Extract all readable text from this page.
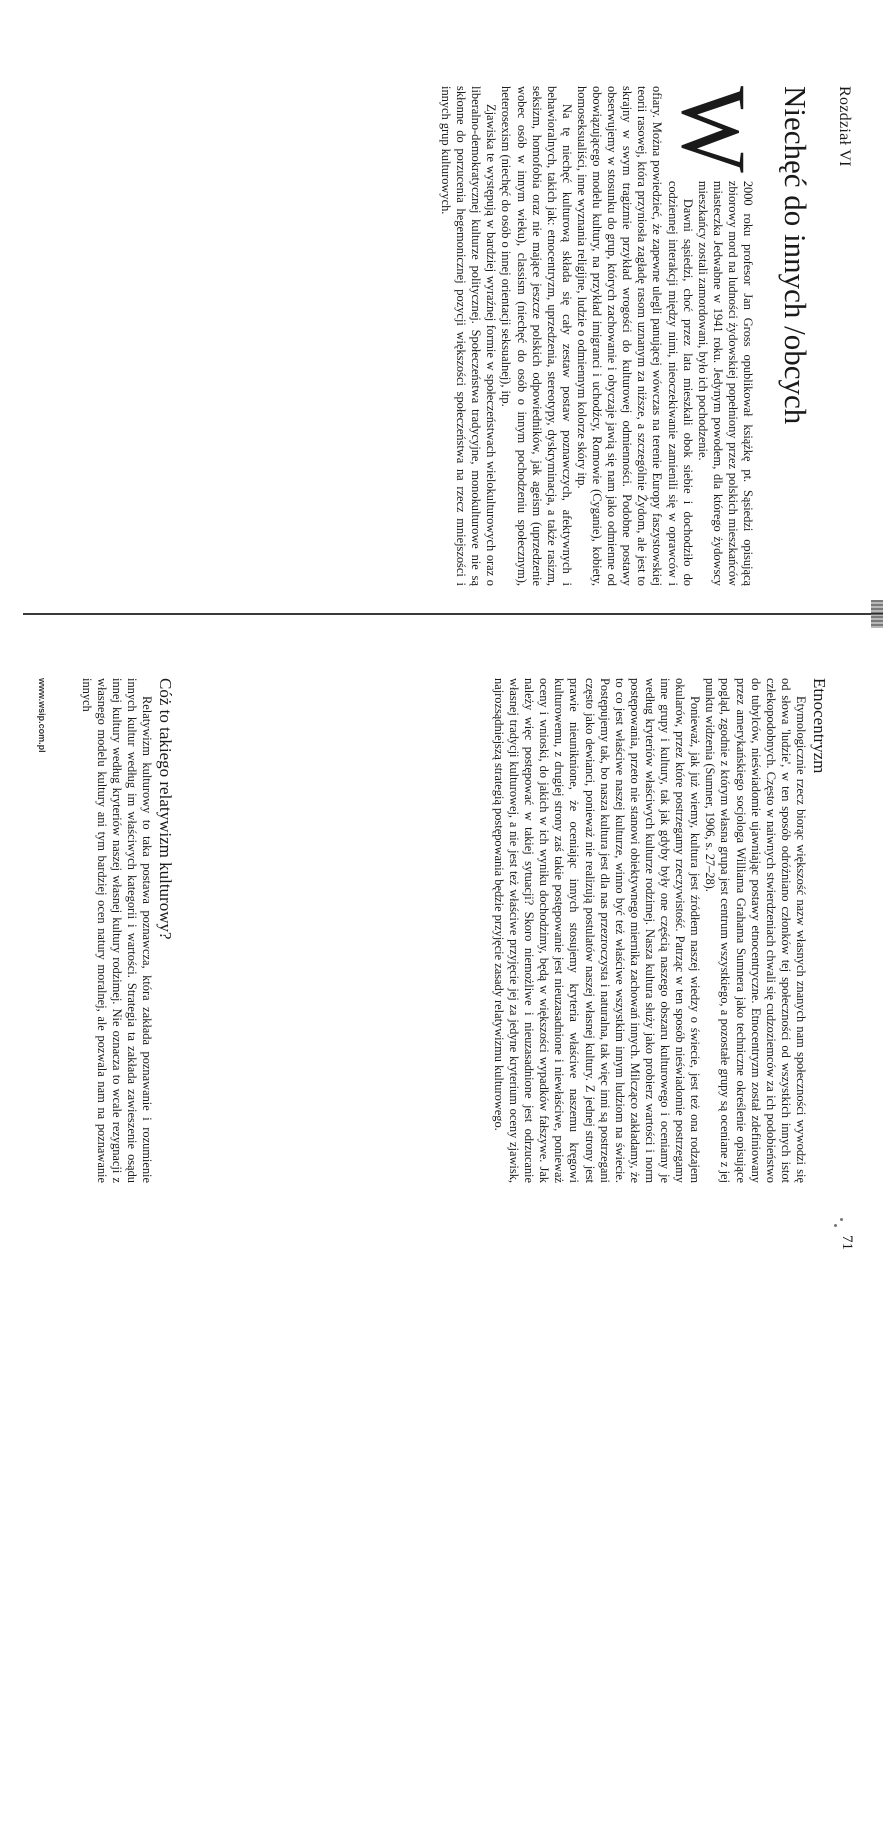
Rozdział VI
Niechęć do innych /obcych
W

2000 roku profesor Jan Gross opublikował książkę pt. Sąsiedzi opisującą zbiorowy mord na ludności żydowskiej popełniony przez polskich mieszkańców miasteczka Jedwabne w 1941 roku. Jedynym powodem, dla którego żydowscy mieszkańcy zostali zamordowani, było ich pochodzenie.

Dawni sąsiedzi, choć przez lata mieszkali obok siebie i dochodziło do codziennej interakcji między nimi, nieoczekiwanie zamienili się w oprawców i ofiary. Można powiedzieć, że zapewne ulegli panującej wówczas na terenie Europy faszystowskiej teorii rasowej, która przyniosła zagładę rasom uznanym za niższe, a szczególnie Żydom, ale jest to skrajny w swym tragizmie przykład wrogości do kulturowej odmienności. Podobne postawy obserwujemy w stosunku do grup, których zachowanie i obyczaje jawią się nam jako odmienne od obowiązującego modelu kultury, na przykład imigranci i uchodźcy, Romowie (Cyganie), kobiety, homoseksualiści, inne wyznania religijne, ludzie o odmiennym kolorze skóry itp.

Na tę niechęć kulturową składa się cały zestaw postaw poznawczych, afektywnych i behawioralnych, takich jak: etnocentryzm, uprzedzenia, stereotypy, dyskryminacja, a także rasizm, seksizm, homofobia oraz nie mające jeszcze polskich odpowiedników, jak ageism (uprzedzenie wobec osób w innym wieku), classism (niechęć do osób o innym pochodzeniu społecznym), heterosexism (niechęć do osób o innej orientacji seksualnej), itp.

Zjawiska te występują w bardziej wyraźnej formie w społeczeństwach wielokulturowych oraz o liberalno-demokratycznej kulturze politycznej. Społeczeństwa tradycyjne, monokulturowe nie są skłonne do porzucenia hegemonicznej pozycji większości społeczeństwa na rzecz mniejszości i innych grup kulturowych.

71
Etnocentryzm

Etymologicznie rzecz biorąc większość nazw własnych znanych nam społeczności wywodzi się od słowa 'ludzie', w ten sposób odróżniano członków tej społeczności od wszystkich innych istot człekopodobnych. Często w naiwnych stwierdzeniach chwali się cudzoziemców za ich podobieństwo do tubylców, nieświadomie ujawniając postawy etnocentryczne. Etnocentryzm został zdefiniowany przez amerykańskiego socjologa Williama Grahama Sumnera jako techniczne określenie opisujące pogląd, zgodnie z którym własna grupa jest centrum wszystkiego, a pozostałe grupy są oceniane z jej punktu widzenia (Sumner, 1906, s. 27–28).

Ponieważ, jak już wiemy, kultura jest źródłem naszej wiedzy o świecie, jest też ona rodzajem okularów, przez które postrzegamy rzeczywistość. Patrząc w ten sposób nieświadomie postrzegamy inne grupy i kultury, tak jak gdyby były one częścią naszego obszaru kulturowego i oceniamy je według kryteriów właściwych kulturze rodzimej. Nasza kultura służy jako probierz wartości i norm postępowania, przeto nie stanowi obiektywnego miernika zachowań innych. Milcząco zakładamy, że to co jest właściwe naszej kulturze, winno być też właściwe wszystkim innym ludziom na świecie. Postępujemy tak, bo nasza kultura jest dla nas przezroczysta i naturalna, tak więc inni są postrzegani często jako dewianci, ponieważ nie realizują postulatów naszej własnej kultury. Z jednej strony jest prawie nieuniknione, że oceniając innych stosujemy kryteria właściwe naszemu kręgowi kulturowemu, z drugiej strony zaś takie postępowanie jest nieuzasadnione i niewłaściwe, ponieważ oceny i wnioski, do jakich w ich wyniku dochodzimy, będą w większości wypadków fałszywe. Jak należy więc postępować w takiej sytuacji? Skoro niemożliwe i nieuzasadnione jest odrzucanie własnej tradycji kulturowej, a nie jest też właściwe przyjęcie jej za jedyne kryterium oceny zjawisk, najrozsądniejszą strategią postępowania będzie przyjęcie zasady relatywizmu kulturowego.

Cóż to takiego relatywizm kulturowy?

Relatywizm kulturowy to taka postawa poznawcza, która zakłada poznawanie i rozumienie innych kultur według im właściwych kategorii i wartości. Strategia ta zakłada zawieszenie osądu innej kultury według kryteriów naszej własnej kultury rodzimej. Nie oznacza to wcale rezygnacji z własnego modelu kultury ani tym bardziej ocen natury moralnej, ale pozwala nam na poznawanie innych

www.wsip.com.pl
